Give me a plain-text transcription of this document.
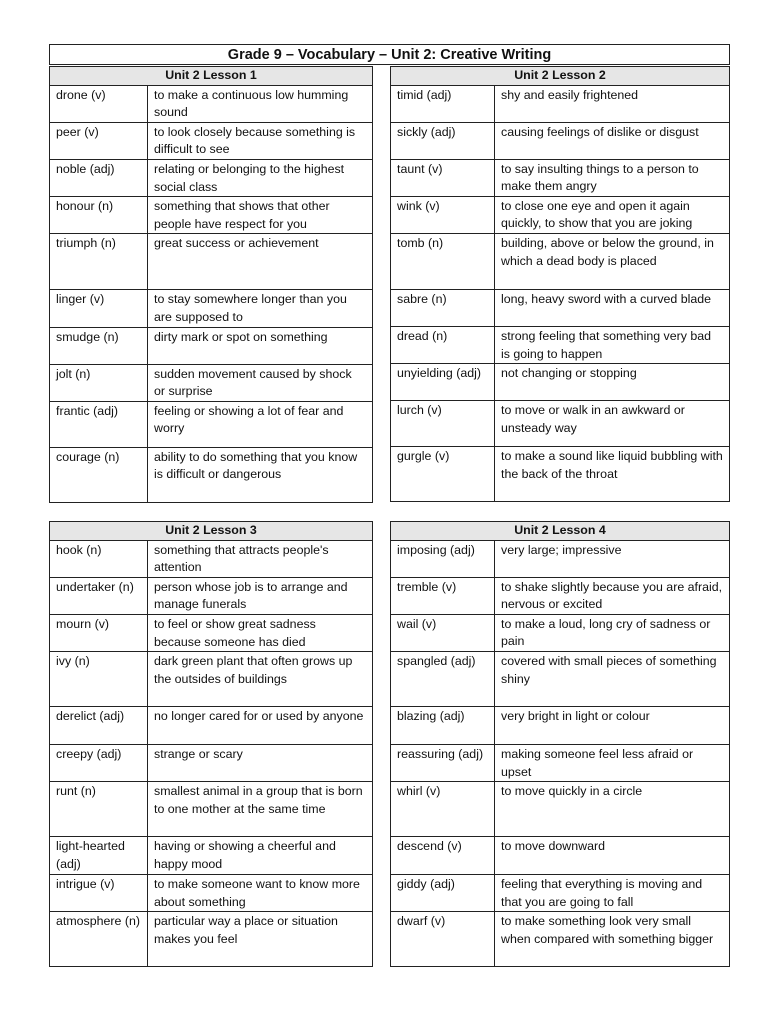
Grade 9 – Vocabulary – Unit 2: Creative Writing
Unit 2 Lesson 1	
drone (v)	to make a continuous low humming sound
peer (v)	to look closely because something is difficult to see
noble (adj)	relating or belonging to the highest social class
honour (n)	something that shows that other people have respect for you
triumph (n)	great success or achievement
linger (v)	to stay somewhere longer than you are supposed to
smudge (n)	dirty mark or spot on something
jolt (n)	sudden movement caused by shock or surprise
frantic (adj)	feeling or showing a lot of fear and worry
courage (n)	ability to do something that you know is difficult or dangerous
Unit 2 Lesson 2	
timid (adj)	shy and easily frightened
sickly (adj)	causing feelings of dislike or disgust
taunt (v)	to say insulting things to a person to make them angry
wink (v)	to close one eye and open it again quickly, to show that you are joking
tomb (n)	building, above or below the ground, in which a dead body is placed
sabre (n)	long, heavy sword with a curved blade
dread (n)	strong feeling that something very bad is going to happen
unyielding (adj)	not changing or stopping
lurch (v)	to move or walk in an awkward or unsteady way
gurgle (v)	to make a sound like liquid bubbling with the back of the throat
Unit 2 Lesson 3	
hook (n)	something that attracts people's attention
undertaker (n)	person whose job is to arrange and manage funerals
mourn (v)	to feel or show great sadness because someone has died
ivy (n)	dark green plant that often grows up the outsides of buildings
derelict (adj)	no longer cared for or used by anyone
creepy (adj)	strange or scary
runt (n)	smallest animal in a group that is born to one mother at the same time
light-hearted (adj)	having or showing a cheerful and happy mood
intrigue (v)	to make someone want to know more about something
atmosphere (n)	particular way a place or situation makes you feel
Unit 2 Lesson 4	
imposing (adj)	very large; impressive
tremble (v)	to shake slightly because you are afraid, nervous or excited
wail (v)	to make a loud, long cry of sadness or pain
spangled (adj)	covered with small pieces of something shiny
blazing (adj)	very bright in light or colour
reassuring (adj)	making someone feel less afraid or upset
whirl (v)	to move quickly in a circle
descend (v)	to move downward
giddy (adj)	feeling that everything is moving and that you are going to fall
dwarf (v)	to make something look very small when compared with something bigger
